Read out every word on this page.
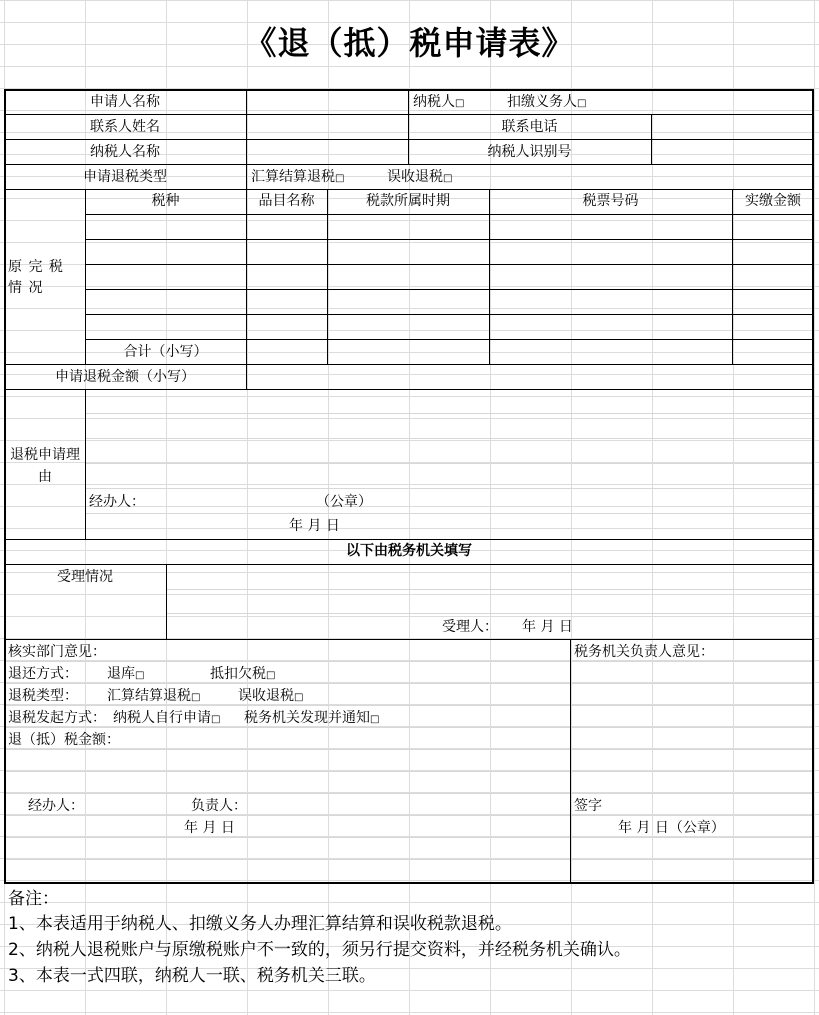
《退（抵）税申请表》
申请人名称	纳税人□	扣缴义务人□
联系人姓名	联系电话
纳税人名称	纳税人识别号
申请退税类型	汇算结算退税□	误收退税□
原 完 税 情 况
税种	品目名称	税款所属时期	税票号码	实缴金额
合计（小写）
申请退税金额（小写）
退税申请理由
经办人：	（公章）
年 月 日
以下由税务机关填写
受理情况
受理人： 年 月 日
核实部门意见：
退还方式： 退库□	抵扣欠税□
退税类型： 汇算结算退税□	误收退税□
退税发起方式： 纳税人自行申请□ 税务机关发现并通知□
退（抵）税金额：
经办人：	负责人：
年 月 日
税务机关负责人意见：
签字
年 月 日（公章）
备注：
1、本表适用于纳税人、扣缴义务人办理汇算结算和误收税款退税。
2、纳税人退税账户与原缴税账户不一致的，须另行提交资料，并经税务机关确认。
3、本表一式四联，纳税人一联、税务机关三联。
